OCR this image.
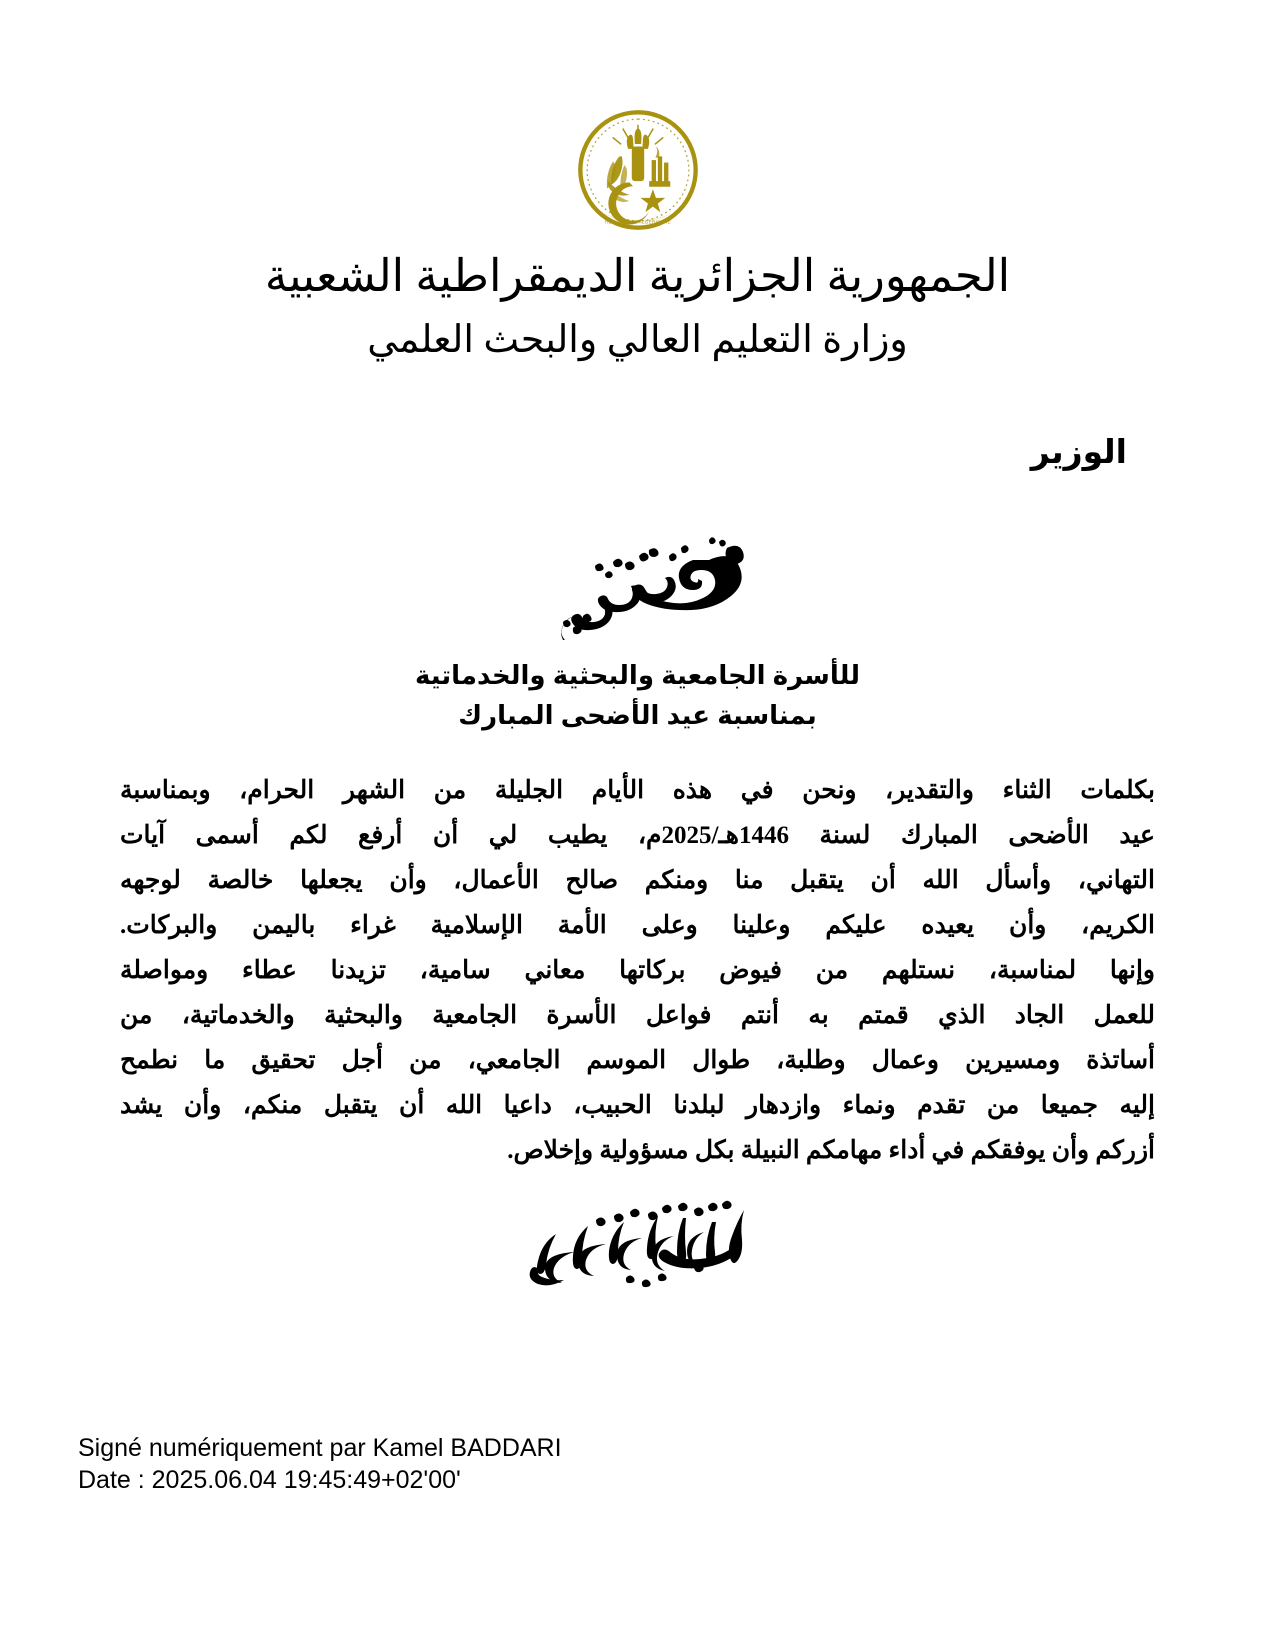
REPUBLIQUE ALGERIENNE
الجمهورية الجزائرية الديمقراطية الشعبية
وزارة التعليم العالي والبحث العلمي
الوزير
للأسرة الجامعية والبحثية والخدماتية
بمناسبة عيد الأضحى المبارك

بكلمات الثناء والتقدير، ونحن في هذه الأيام الجليلة من الشهر الحرام، وبمناسبة

عيد الأضحى المبارك لسنة 1446هـ/2025م، يطيب لي أن أرفع لكم أسمى آيات

التهاني، وأسأل الله أن يتقبل منا ومنكم صالح الأعمال، وأن يجعلها خالصة لوجهه

الكريم، وأن يعيده عليكم وعلينا وعلى الأمة الإسلامية غراء باليمن والبركات.

وإنها لمناسبة، نستلهم من فيوض بركاتها معاني سامية، تزيدنا عطاء ومواصلة

للعمل الجاد الذي قمتم به أنتم فواعل الأسرة الجامعية والبحثية والخدماتية، من

أساتذة ومسيرين وعمال وطلبة، طوال الموسم الجامعي، من أجل تحقيق ما نطمح

إليه جميعا من تقدم ونماء وازدهار لبلدنا الحبيب، داعيا الله أن يتقبل منكم، وأن يشد

أزركم وأن يوفقكم في أداء مهامكم النبيلة بكل مسؤولية وإخلاص.

Signé numériquement par Kamel BADDARI
Date : 2025.06.04 19:45:49+02'00'
